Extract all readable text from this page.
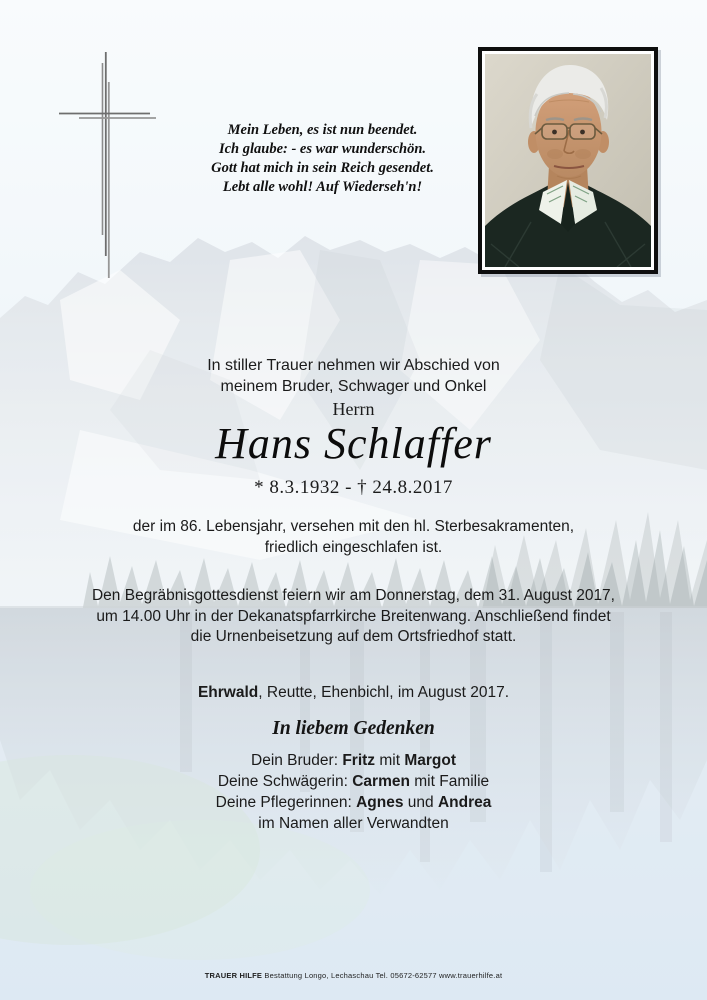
Mein Leben, es ist nun beendet.
Ich glaube: - es war wunderschön.
Gott hat mich in sein Reich gesendet.
Lebt alle wohl! Auf Wiederseh'n!
In stiller Trauer nehmen wir Abschied von
meinem Bruder, Schwager und Onkel
Herrn
Hans Schlaffer
* 8.3.1932 - † 24.8.2017
der im 86. Lebensjahr, versehen mit den hl. Sterbesakramenten,
friedlich eingeschlafen ist.
Den Begräbnisgottesdienst feiern wir am Donnerstag, dem 31. August 2017,
um 14.00 Uhr in der Dekanatspfarrkirche Breitenwang. Anschließend findet
die Urnenbeisetzung auf dem Ortsfriedhof statt.
Ehrwald, Reutte, Ehenbichl, im August 2017.
In liebem Gedenken
Dein Bruder: Fritz mit Margot
Deine Schwägerin: Carmen mit Familie
Deine Pflegerinnen: Agnes und Andrea
im Namen aller Verwandten
TRAUER HILFE Bestattung Longo, Lechaschau Tel. 05672-62577 www.trauerhilfe.at
